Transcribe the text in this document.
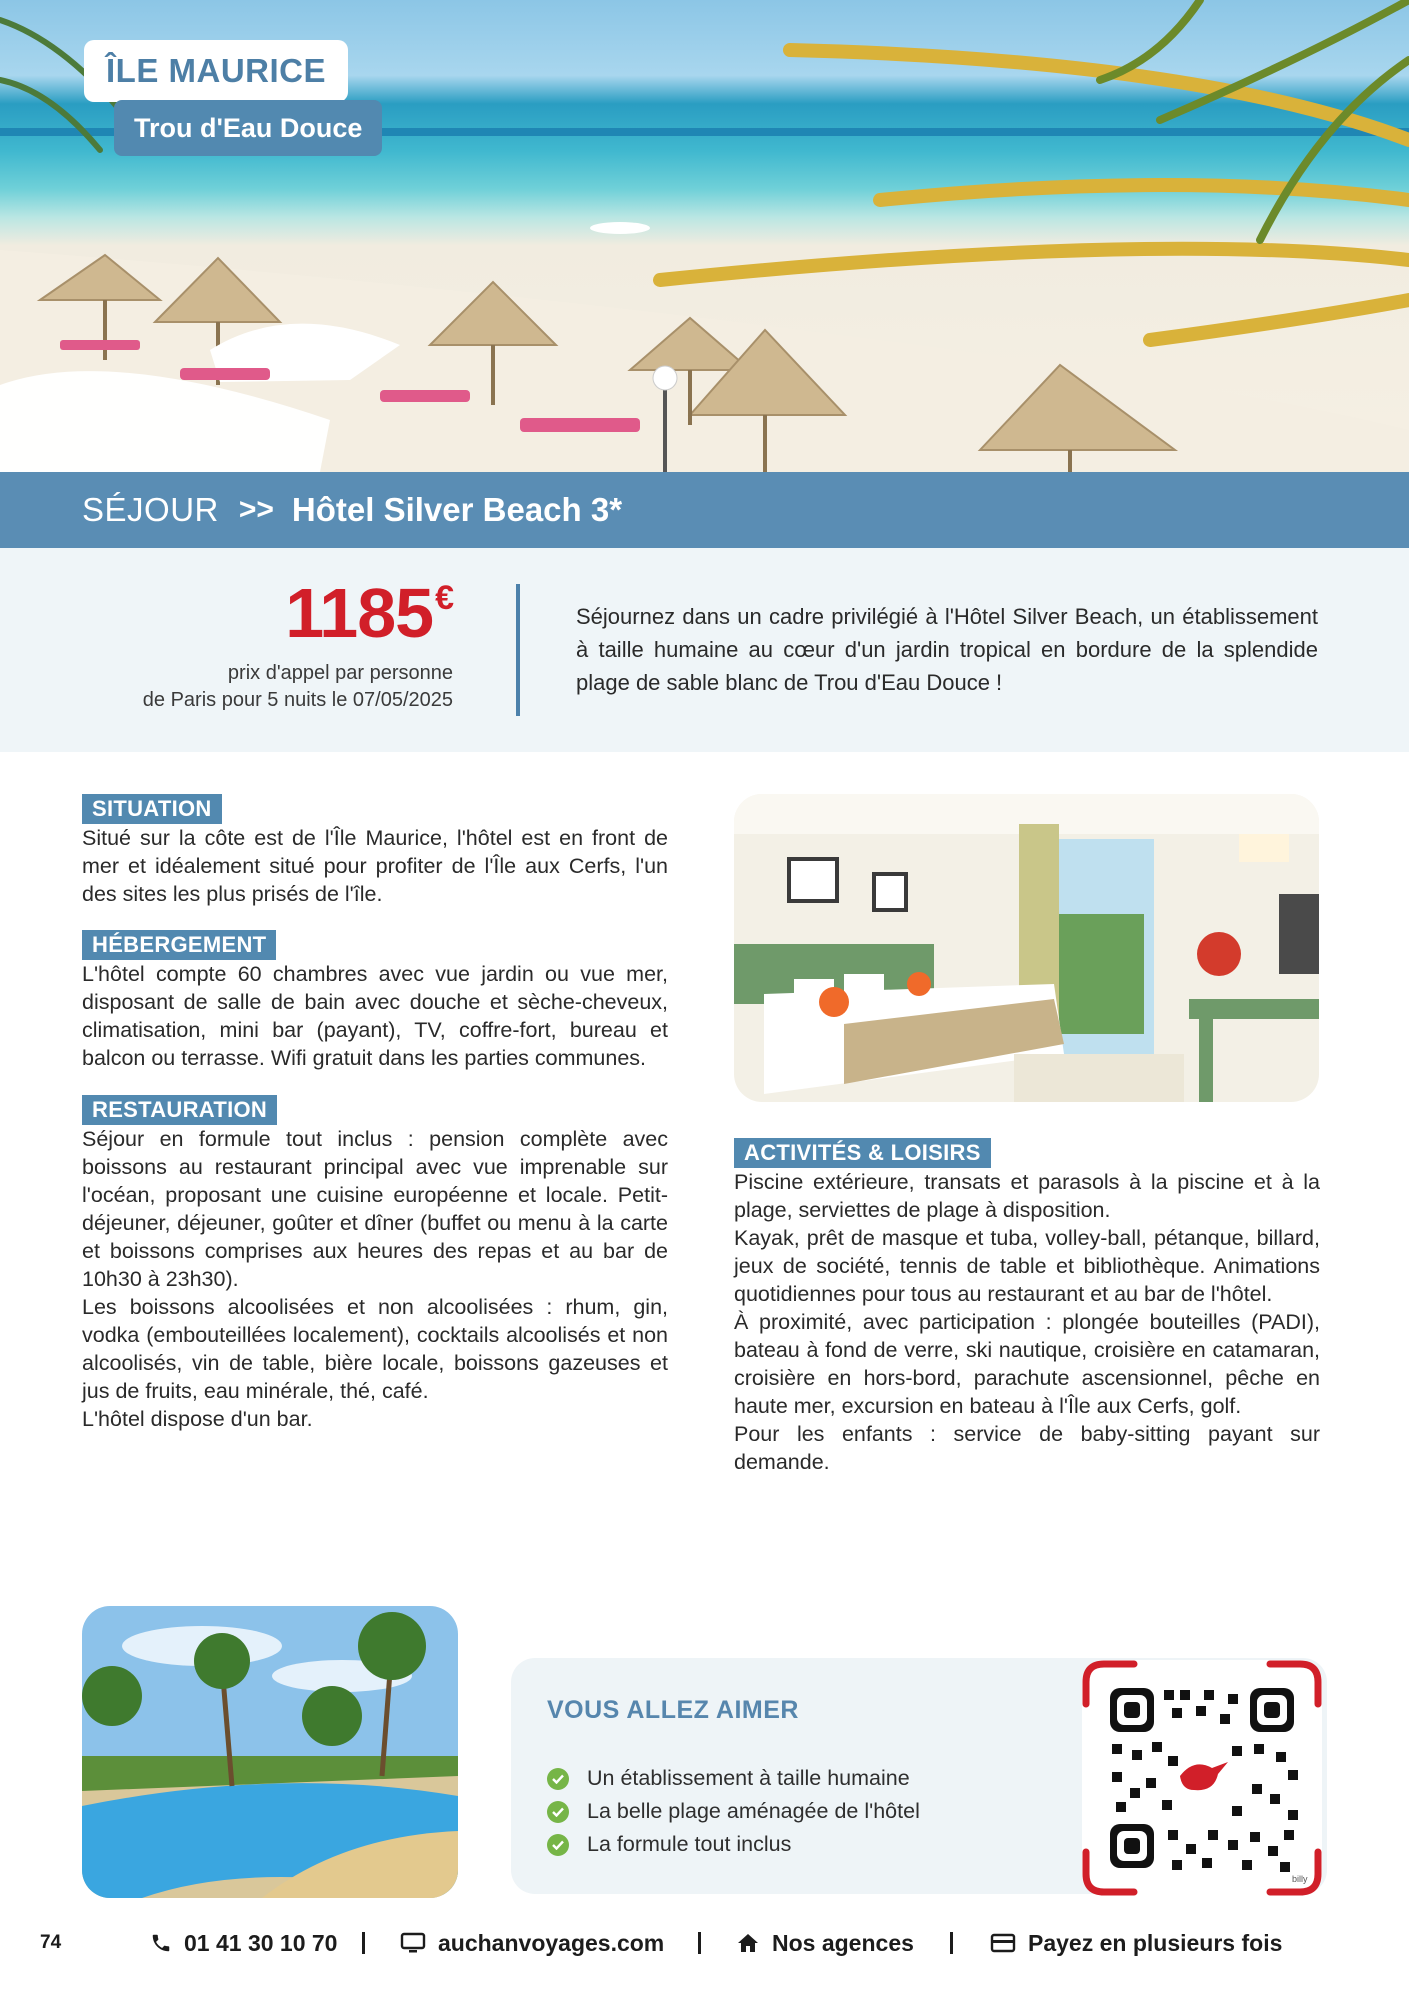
ÎLE MAURICE
Trou d'Eau Douce
SÉJOUR >> Hôtel Silver Beach 3*
1185€
prix d'appel par personne
de Paris pour 5 nuits le 07/05/2025
Séjournez dans un cadre privilégié à l'Hôtel Silver Beach, un établissement à taille humaine au cœur d'un jardin tropical en bordure de la splendide plage de sable blanc de Trou d'Eau Douce !
SITUATION
Situé sur la côte est de l'Île Maurice, l'hôtel est en front de mer et idéalement situé pour profiter de l'Île aux Cerfs, l'un des sites les plus prisés de l'île.
HÉBERGEMENT
L'hôtel compte 60 chambres avec vue jardin ou vue mer, disposant de salle de bain avec douche et sèche-cheveux, climatisation, mini bar (payant), TV, coffre-fort, bureau et balcon ou terrasse. Wifi gratuit dans les parties communes.
RESTAURATION

Séjour en formule tout inclus : pension complète avec boissons au restaurant principal avec vue imprenable sur l'océan, proposant une cuisine européenne et locale. Petit-déjeuner, déjeuner, goûter et dîner (buffet ou menu à la carte et boissons comprises aux heures des repas et au bar de 10h30 à 23h30).

Les boissons alcoolisées et non alcoolisées : rhum, gin, vodka (embouteillées localement), cocktails alcoolisés et non alcoolisés, vin de table, bière locale, boissons gazeuses et jus de fruits, eau minérale, thé, café.

L'hôtel dispose d'un bar.

ACTIVITÉS & LOISIRS

Piscine extérieure, transats et parasols à la piscine et à la plage, serviettes de plage à disposition.

Kayak, prêt de masque et tuba, volley-ball, pétanque, billard, jeux de société, tennis de table et bibliothèque. Animations quotidiennes pour tous au restaurant et au bar de l'hôtel.

À proximité, avec participation : plongée bouteilles (PADI), bateau à fond de verre, ski nautique, croisière en catamaran, croisière en hors-bord, parachute ascensionnel, pêche en haute mer, excursion en bateau à l'Île aux Cerfs, golf.

Pour les enfants : service de baby-sitting payant sur demande.

VOUS ALLEZ AIMER
Un établissement à taille humaine
La belle plage aménagée de l'hôtel
La formule tout inclus
billy
74	01 41 30 10 70	auchanvoyages.com	Nos agences	Payez en plusieurs fois
